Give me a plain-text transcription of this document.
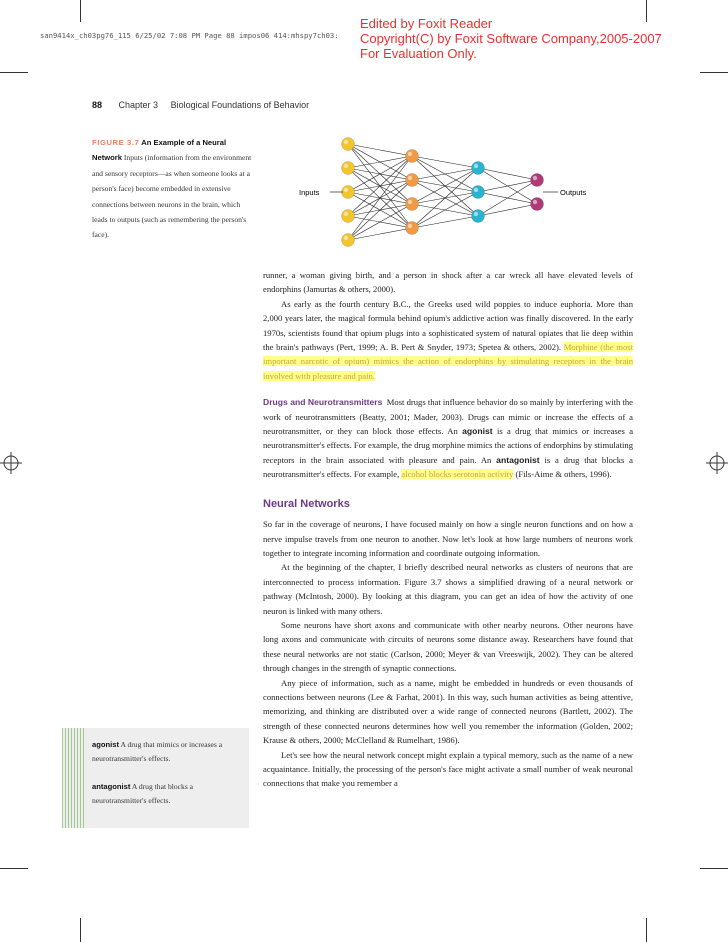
san9414x_ch03pg76_115 6/25/02 7:08 PM Page 88 impos06 414:mhspy7ch03:
Edited by Foxit Reader
Copyright(C) by Foxit Software Company,2005-2007
For Evaluation Only.
88 Chapter 3 Biological Foundations of Behavior
FIGURE 3.7 An Example of a Neural Network Inputs (information from the environment and sensory receptors—as when someone looks at a person's face) become embedded in extensive connections between neurons in the brain, which leads to outputs (such as remembering the person's face).
Inputs	Outputs

runner, a woman giving birth, and a person in shock after a car wreck all have elevated levels of endorphins (Jamurtas & others, 2000).

As early as the fourth century B.C., the Greeks used wild poppies to induce euphoria. More than 2,000 years later, the magical formula behind opium's addictive action was finally discovered. In the early 1970s, scientists found that opium plugs into a sophisticated system of natural opiates that lie deep within the brain's pathways (Pert, 1999; A. B. Pert & Snyder, 1973; Spetea & others, 2002). Morphine (the most important narcotic of opium) mimics the action of endorphins by stimulating receptors in the brain involved with pleasure and pain.

Drugs and Neurotransmitters Most drugs that influence behavior do so mainly by interfering with the work of neurotransmitters (Beatty, 2001; Mader, 2003). Drugs can mimic or increase the effects of a neurotransmitter, or they can block those effects. An agonist is a drug that mimics or increases a neurotransmitter's effects. For example, the drug morphine mimics the actions of endorphins by stimulating receptors in the brain associated with pleasure and pain. An antagonist is a drug that blocks a neurotransmitter's effects. For example, alcohol blocks serotonin activity (Fils-Aime & others, 1996).

Neural Networks

So far in the coverage of neurons, I have focused mainly on how a single neuron functions and on how a nerve impulse travels from one neuron to another. Now let's look at how large numbers of neurons work together to integrate incoming information and coordinate outgoing information.

At the beginning of the chapter, I briefly described neural networks as clusters of neurons that are interconnected to process information. Figure 3.7 shows a simplified drawing of a neural network or pathway (McIntosh, 2000). By looking at this diagram, you can get an idea of how the activity of one neuron is linked with many others.

Some neurons have short axons and communicate with other nearby neurons. Other neurons have long axons and communicate with circuits of neurons some distance away. Researchers have found that these neural networks are not static (Carlson, 2000; Meyer & van Vreeswijk, 2002). They can be altered through changes in the strength of synaptic connections.

Any piece of information, such as a name, might be embedded in hundreds or even thousands of connections between neurons (Lee & Farhat, 2001). In this way, such human activities as being attentive, memorizing, and thinking are distributed over a wide range of connected neurons (Bartlett, 2002). The strength of these connected neurons determines how well you remember the information (Golden, 2002; Krause & others, 2000; McClelland & Rumelhart, 1986).

Let's see how the neural network concept might explain a typical memory, such as the name of a new acquaintance. Initially, the processing of the person's face might activate a small number of weak neuronal connections that make you remember a

agonist A drug that mimics or increases a neurotransmitter's effects.
antagonist A drug that blocks a neurotransmitter's effects.
